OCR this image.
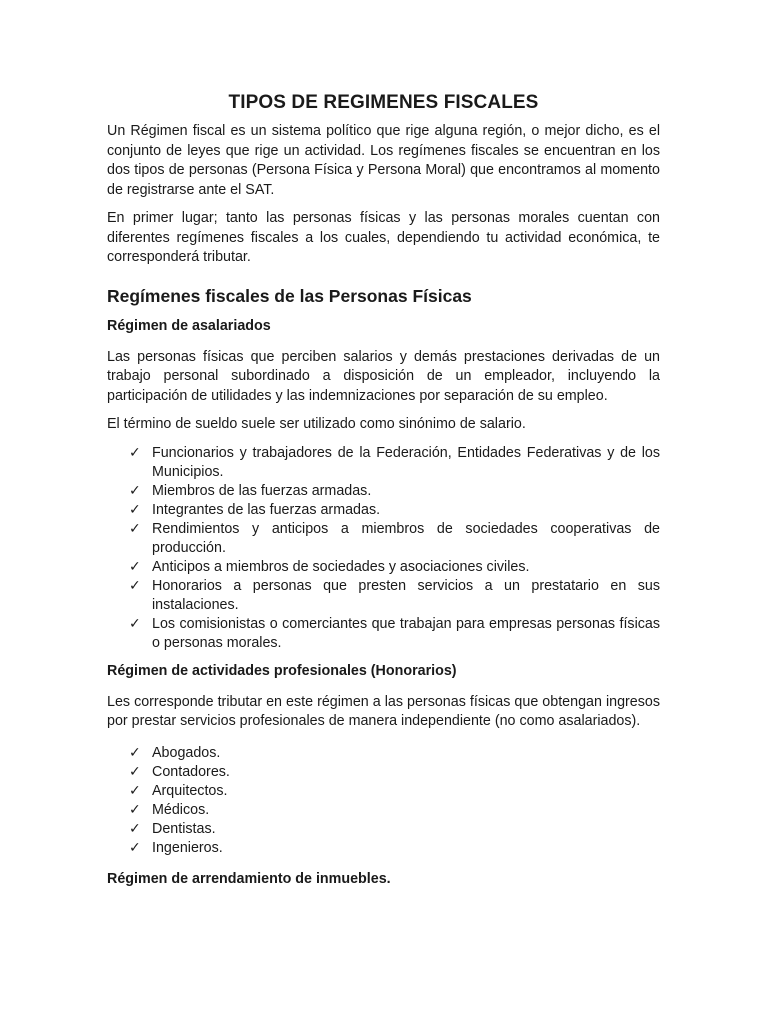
TIPOS DE REGIMENES FISCALES

Un Régimen fiscal es un sistema político que rige alguna región, o mejor dicho, es el conjunto de leyes que rige un actividad. Los regímenes fiscales se encuentran en los dos tipos de personas (Persona Física y Persona Moral) que encontramos al momento de registrarse ante el SAT.

En primer lugar; tanto las personas físicas y las personas morales cuentan con diferentes regímenes fiscales a los cuales, dependiendo tu actividad económica, te corresponderá tributar.

Regímenes fiscales de las Personas Físicas
Régimen de asalariados

Las personas físicas que perciben salarios y demás prestaciones derivadas de un trabajo personal subordinado a disposición de un empleador, incluyendo la participación de utilidades y las indemnizaciones por separación de su empleo.

El término de sueldo suele ser utilizado como sinónimo de salario.

✓ Funcionarios y trabajadores de la Federación, Entidades Federativas y de los Municipios.
✓ Miembros de las fuerzas armadas.
✓ Integrantes de las fuerzas armadas.
✓ Rendimientos y anticipos a miembros de sociedades cooperativas de producción.
✓ Anticipos a miembros de sociedades y asociaciones civiles.
✓ Honorarios a personas que presten servicios a un prestatario en sus instalaciones.
✓ Los comisionistas o comerciantes que trabajan para empresas personas físicas o personas morales.
Régimen de actividades profesionales (Honorarios)

Les corresponde tributar en este régimen a las personas físicas que obtengan ingresos por prestar servicios profesionales de manera independiente (no como asalariados).

✓ Abogados.
✓ Contadores.
✓ Arquitectos.
✓ Médicos.
✓ Dentistas.
✓ Ingenieros.
Régimen de arrendamiento de inmuebles.
